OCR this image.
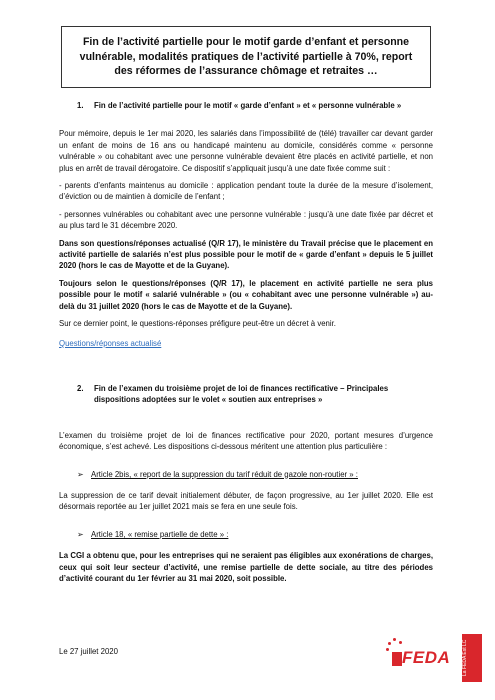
Fin de l’activité partielle pour le motif garde d’enfant et personne vulnérable, modalités pratiques de l’activité partielle à 70%, report des réformes de l’assurance chômage et retraites …
1.	Fin de l’activité partielle pour le motif « garde d’enfant » et « personne vulnérable »

Pour mémoire, depuis le 1er mai 2020, les salariés dans l’impossibilité de (télé) travailler car devant garder un enfant de moins de 16 ans ou handicapé maintenu au domicile, considérés comme « personne vulnérable » ou cohabitant avec une personne vulnérable devaient être placés en activité partielle, et non plus en arrêt de travail dérogatoire. Ce dispositif s’appliquait jusqu’à une date fixée comme suit :

- parents d’enfants maintenus au domicile : application pendant toute la durée de la mesure d’isolement, d’éviction ou de maintien à domicile de l’enfant ;

- personnes vulnérables ou cohabitant avec une personne vulnérable : jusqu’à une date fixée par décret et au plus tard le 31 décembre 2020.

Dans son questions/réponses actualisé (Q/R 17), le ministère du Travail précise que le placement en activité partielle de salariés n’est plus possible pour le motif de « garde d’enfant » depuis le 5 juillet 2020 (hors le cas de Mayotte et de la Guyane).

Toujours selon le questions/réponses (Q/R 17), le placement en activité partielle ne sera plus possible pour le motif « salarié vulnérable » (ou « cohabitant avec une personne vulnérable ») au-delà du 31 juillet 2020 (hors le cas de Mayotte et de la Guyane).

Sur ce dernier point, le questions-réponses préfigure peut-être un décret à venir.

Questions/réponses actualisé

2.	Fin de l’examen du troisième projet de loi de finances rectificative – Principales dispositions adoptées sur le volet « soutien aux entreprises »

L’examen du troisième projet de loi de finances rectificative pour 2020, portant mesures d’urgence économique, s’est achevé. Les dispositions ci-dessous méritent une attention plus particulière :

➢ Article 2bis, « report de la suppression du tarif réduit de gazole non-routier » :

La suppression de ce tarif devait initialement débuter, de façon progressive, au 1er juillet 2020. Elle est désormais reportée au 1er juillet 2021 mais se fera en une seule fois.

➢ Article 18, « remise partielle de dette » :

La CGI a obtenu que, pour les entreprises qui ne seraient pas éligibles aux exonérations de charges, ceux qui soit leur secteur d’activité, une remise partielle de dette sociale, au titre des périodes d’activité courant du 1er février au 31 mai 2020, soit possible.

Le 27 juillet 2020	FEDA La FEDA Est LC
